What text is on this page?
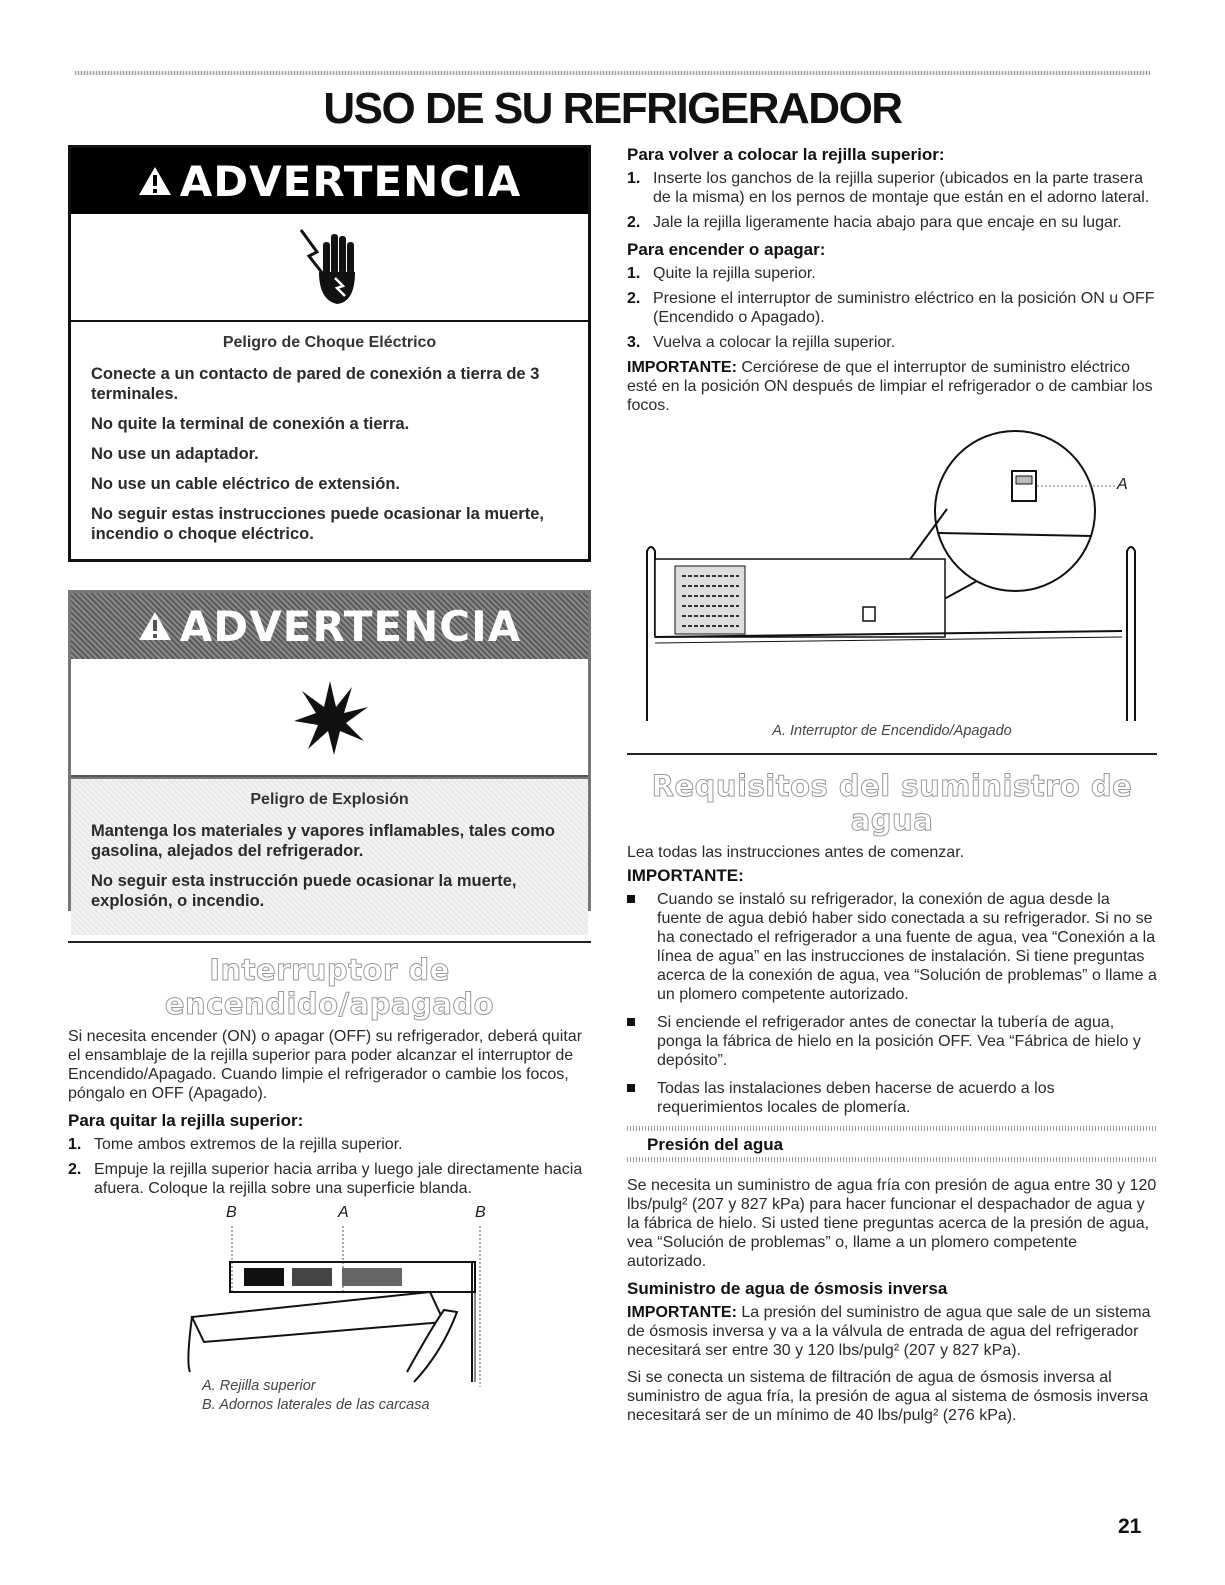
USO DE SU REFRIGERADOR
ADVERTENCIA
Peligro de Choque Eléctrico
Conecte a un contacto de pared de conexión a tierra de 3 terminales.
No quite la terminal de conexión a tierra.
No use un adaptador.
No use un cable eléctrico de extensión.
No seguir estas instrucciones puede ocasionar la muerte, incendio o choque eléctrico.
ADVERTENCIA
Peligro de Explosión
Mantenga los materiales y vapores inflamables, tales como gasolina, alejados del refrigerador.
No seguir esta instrucción puede ocasionar la muerte, explosión, o incendio.
Interruptor de encendido/apagado

Si necesita encender (ON) o apagar (OFF) su refrigerador, deberá quitar el ensamblaje de la rejilla superior para poder alcanzar el interruptor de Encendido/Apagado. Cuando limpie el refrigerador o cambie los focos, póngalo en OFF (Apagado).

Para quitar la rejilla superior:
1. Tome ambos extremos de la rejilla superior.
2. Empuje la rejilla superior hacia arriba y luego jale directamente hacia afuera. Coloque la rejilla sobre una superficie blanda.
B	A	B
A. Rejilla superior
B. Adornos laterales de las carcasa
Para volver a colocar la rejilla superior:
1. Inserte los ganchos de la rejilla superior (ubicados en la parte trasera de la misma) en los pernos de montaje que están en el adorno lateral.
2. Jale la rejilla ligeramente hacia abajo para que encaje en su lugar.
Para encender o apagar:
1. Quite la rejilla superior.
2. Presione el interruptor de suministro eléctrico en la posición ON u OFF (Encendido o Apagado).
3. Vuelva a colocar la rejilla superior.

IMPORTANTE: Cerciórese de que el interruptor de suministro eléctrico esté en la posición ON después de limpiar el refrigerador o de cambiar los focos.

A
A. Interruptor de Encendido/Apagado
Requisitos del suministro de agua

Lea todas las instrucciones antes de comenzar.

IMPORTANTE:
Cuando se instaló su refrigerador, la conexión de agua desde la fuente de agua debió haber sido conectada a su refrigerador. Si no se ha conectado el refrigerador a una fuente de agua, vea “Conexión a la línea de agua” en las instrucciones de instalación. Si tiene preguntas acerca de la conexión de agua, vea “Solución de problemas” o llame a un plomero competente autorizado.
Si enciende el refrigerador antes de conectar la tubería de agua, ponga la fábrica de hielo en la posición OFF. Vea “Fábrica de hielo y depósito”.
Todas las instalaciones deben hacerse de acuerdo a los requerimientos locales de plomería.
Presión del agua

Se necesita un suministro de agua fría con presión de agua entre 30 y 120 lbs/pulg² (207 y 827 kPa) para hacer funcionar el despachador de agua y la fábrica de hielo. Si usted tiene preguntas acerca de la presión de agua, vea “Solución de problemas” o, llame a un plomero competente autorizado.

Suministro de agua de ósmosis inversa

IMPORTANTE: La presión del suministro de agua que sale de un sistema de ósmosis inversa y va a la válvula de entrada de agua del refrigerador necesitará ser entre 30 y 120 lbs/pulg² (207 y 827 kPa).

Si se conecta un sistema de filtración de agua de ósmosis inversa al suministro de agua fría, la presión de agua al sistema de ósmosis inversa necesitará ser de un mínimo de 40 lbs/pulg² (276 kPa).

21
